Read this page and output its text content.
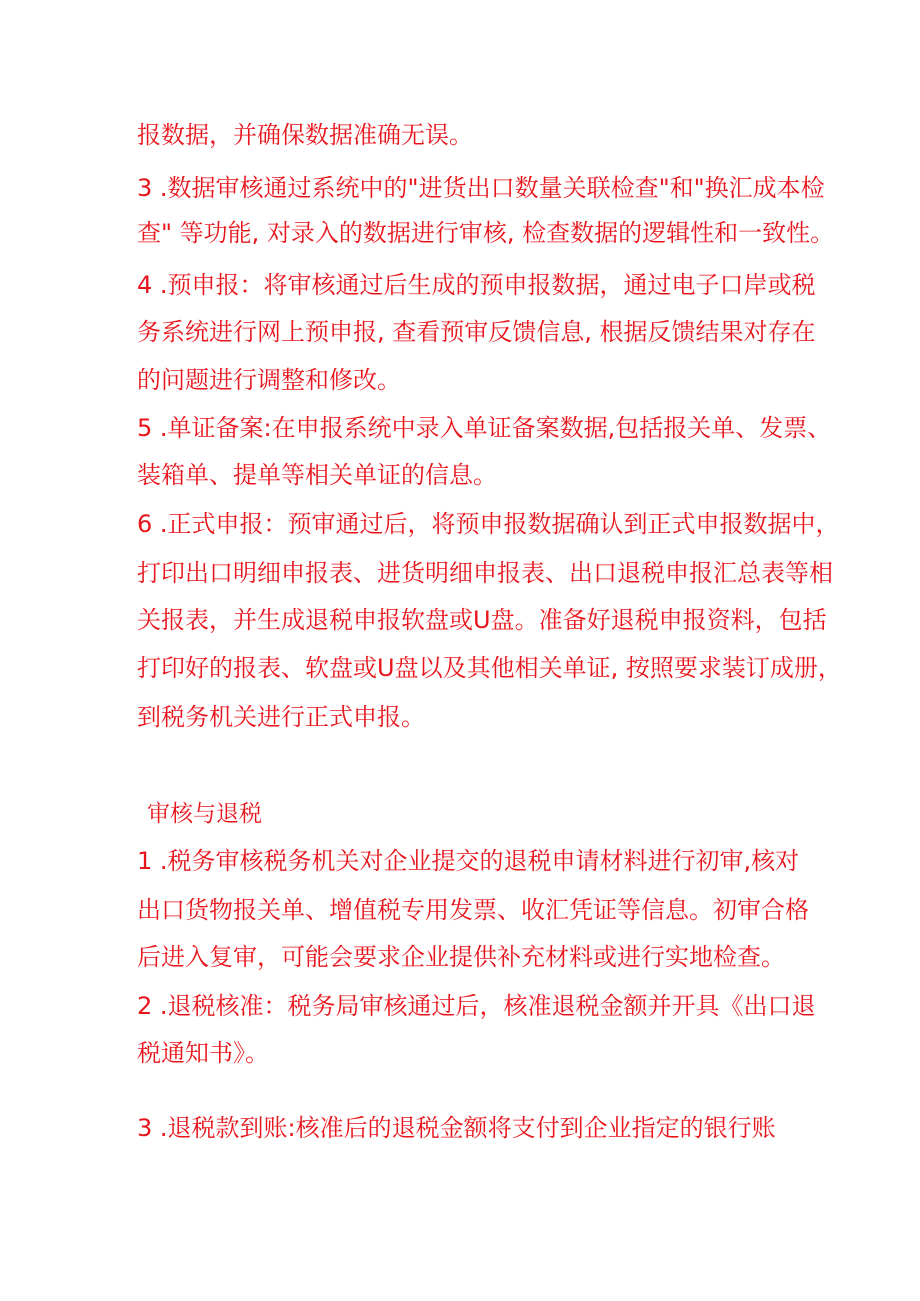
报数据，并确保数据准确无误。

3 .数据审核通过系统中的"进货出口数量关联检查"和"换汇成本检

查" 等功能, 对录入的数据进行审核, 检查数据的逻辑性和一致性。

4 .预申报：将审核通过后生成的预申报数据，通过电子口岸或税

务系统进行网上预申报, 查看预审反馈信息, 根据反馈结果对存在

的问题进行调整和修改。

5 .单证备案:在申报系统中录入单证备案数据,包括报关单、发票、

装箱单、提单等相关单证的信息。

6 .正式申报：预审通过后，将预申报数据确认到正式申报数据中，

打印出口明细申报表、进货明细申报表、出口退税申报汇总表等相

关报表，并生成退税申报软盘或U盘。准备好退税申报资料，包括

打印好的报表、软盘或U盘以及其他相关单证, 按照要求装订成册，

到税务机关进行正式申报。

审核与退税

1 .税务审核税务机关对企业提交的退税申请材料进行初审,核对

出口货物报关单、增值税专用发票、收汇凭证等信息。初审合格

后进入复审，可能会要求企业提供补充材料或进行实地检查。

2 .退税核准：税务局审核通过后，核准退税金额并开具《出口退

税通知书》。

3 .退税款到账:核准后的退税金额将支付到企业指定的银行账
